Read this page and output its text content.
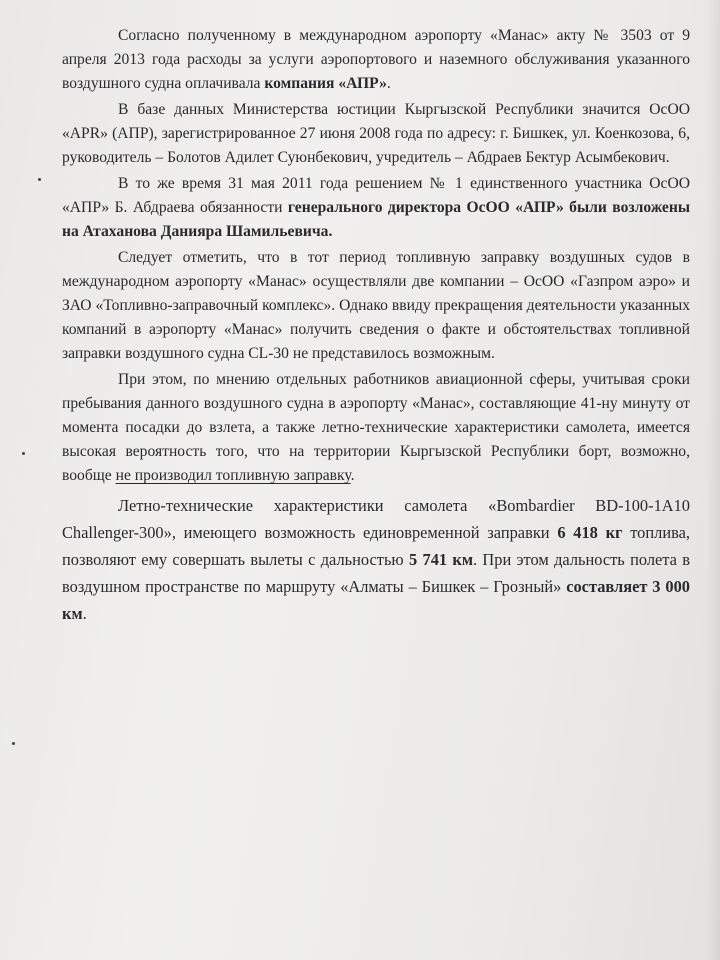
Согласно полученному в международном аэропорту «Манас» акту № 3503 от 9 апреля 2013 года расходы за услуги аэропортового и наземного обслуживания указанного воздушного судна оплачивала компания «АПР».

В базе данных Министерства юстиции Кыргызской Республики значится ОсОО «APR» (АПР), зарегистрированное 27 июня 2008 года по адресу: г. Бишкек, ул. Коенкозова, 6, руководитель – Болотов Адилет Суюнбекович, учредитель – Абдраев Бектур Асымбекович.

В то же время 31 мая 2011 года решением № 1 единственного участника ОсОО «АПР» Б. Абдраева обязанности генерального директора ОсОО «АПР» были возложены на Атаханова Данияра Шамильевича.

Следует отметить, что в тот период топливную заправку воздушных судов в международном аэропорту «Манас» осуществляли две компании – ОсОО «Газпром аэро» и ЗАО «Топливно-заправочный комплекс». Однако ввиду прекращения деятельности указанных компаний в аэропорту «Манас» получить сведения о факте и обстоятельствах топливной заправки воздушного судна CL-30 не представилось возможным.

При этом, по мнению отдельных работников авиационной сферы, учитывая сроки пребывания данного воздушного судна в аэропорту «Манас», составляющие 41-ну минуту от момента посадки до взлета, а также летно-технические характеристики самолета, имеется высокая вероятность того, что на территории Кыргызской Республики борт, возможно, вообще не производил топливную заправку.

Летно-технические характеристики самолета «Bombardier BD-100-1A10 Challenger-300», имеющего возможность единовременной заправки 6 418 кг топлива, позволяют ему совершать вылеты с дальностью 5 741 км. При этом дальность полета в воздушном пространстве по маршруту «Алматы – Бишкек – Грозный» составляет 3 000 км.
